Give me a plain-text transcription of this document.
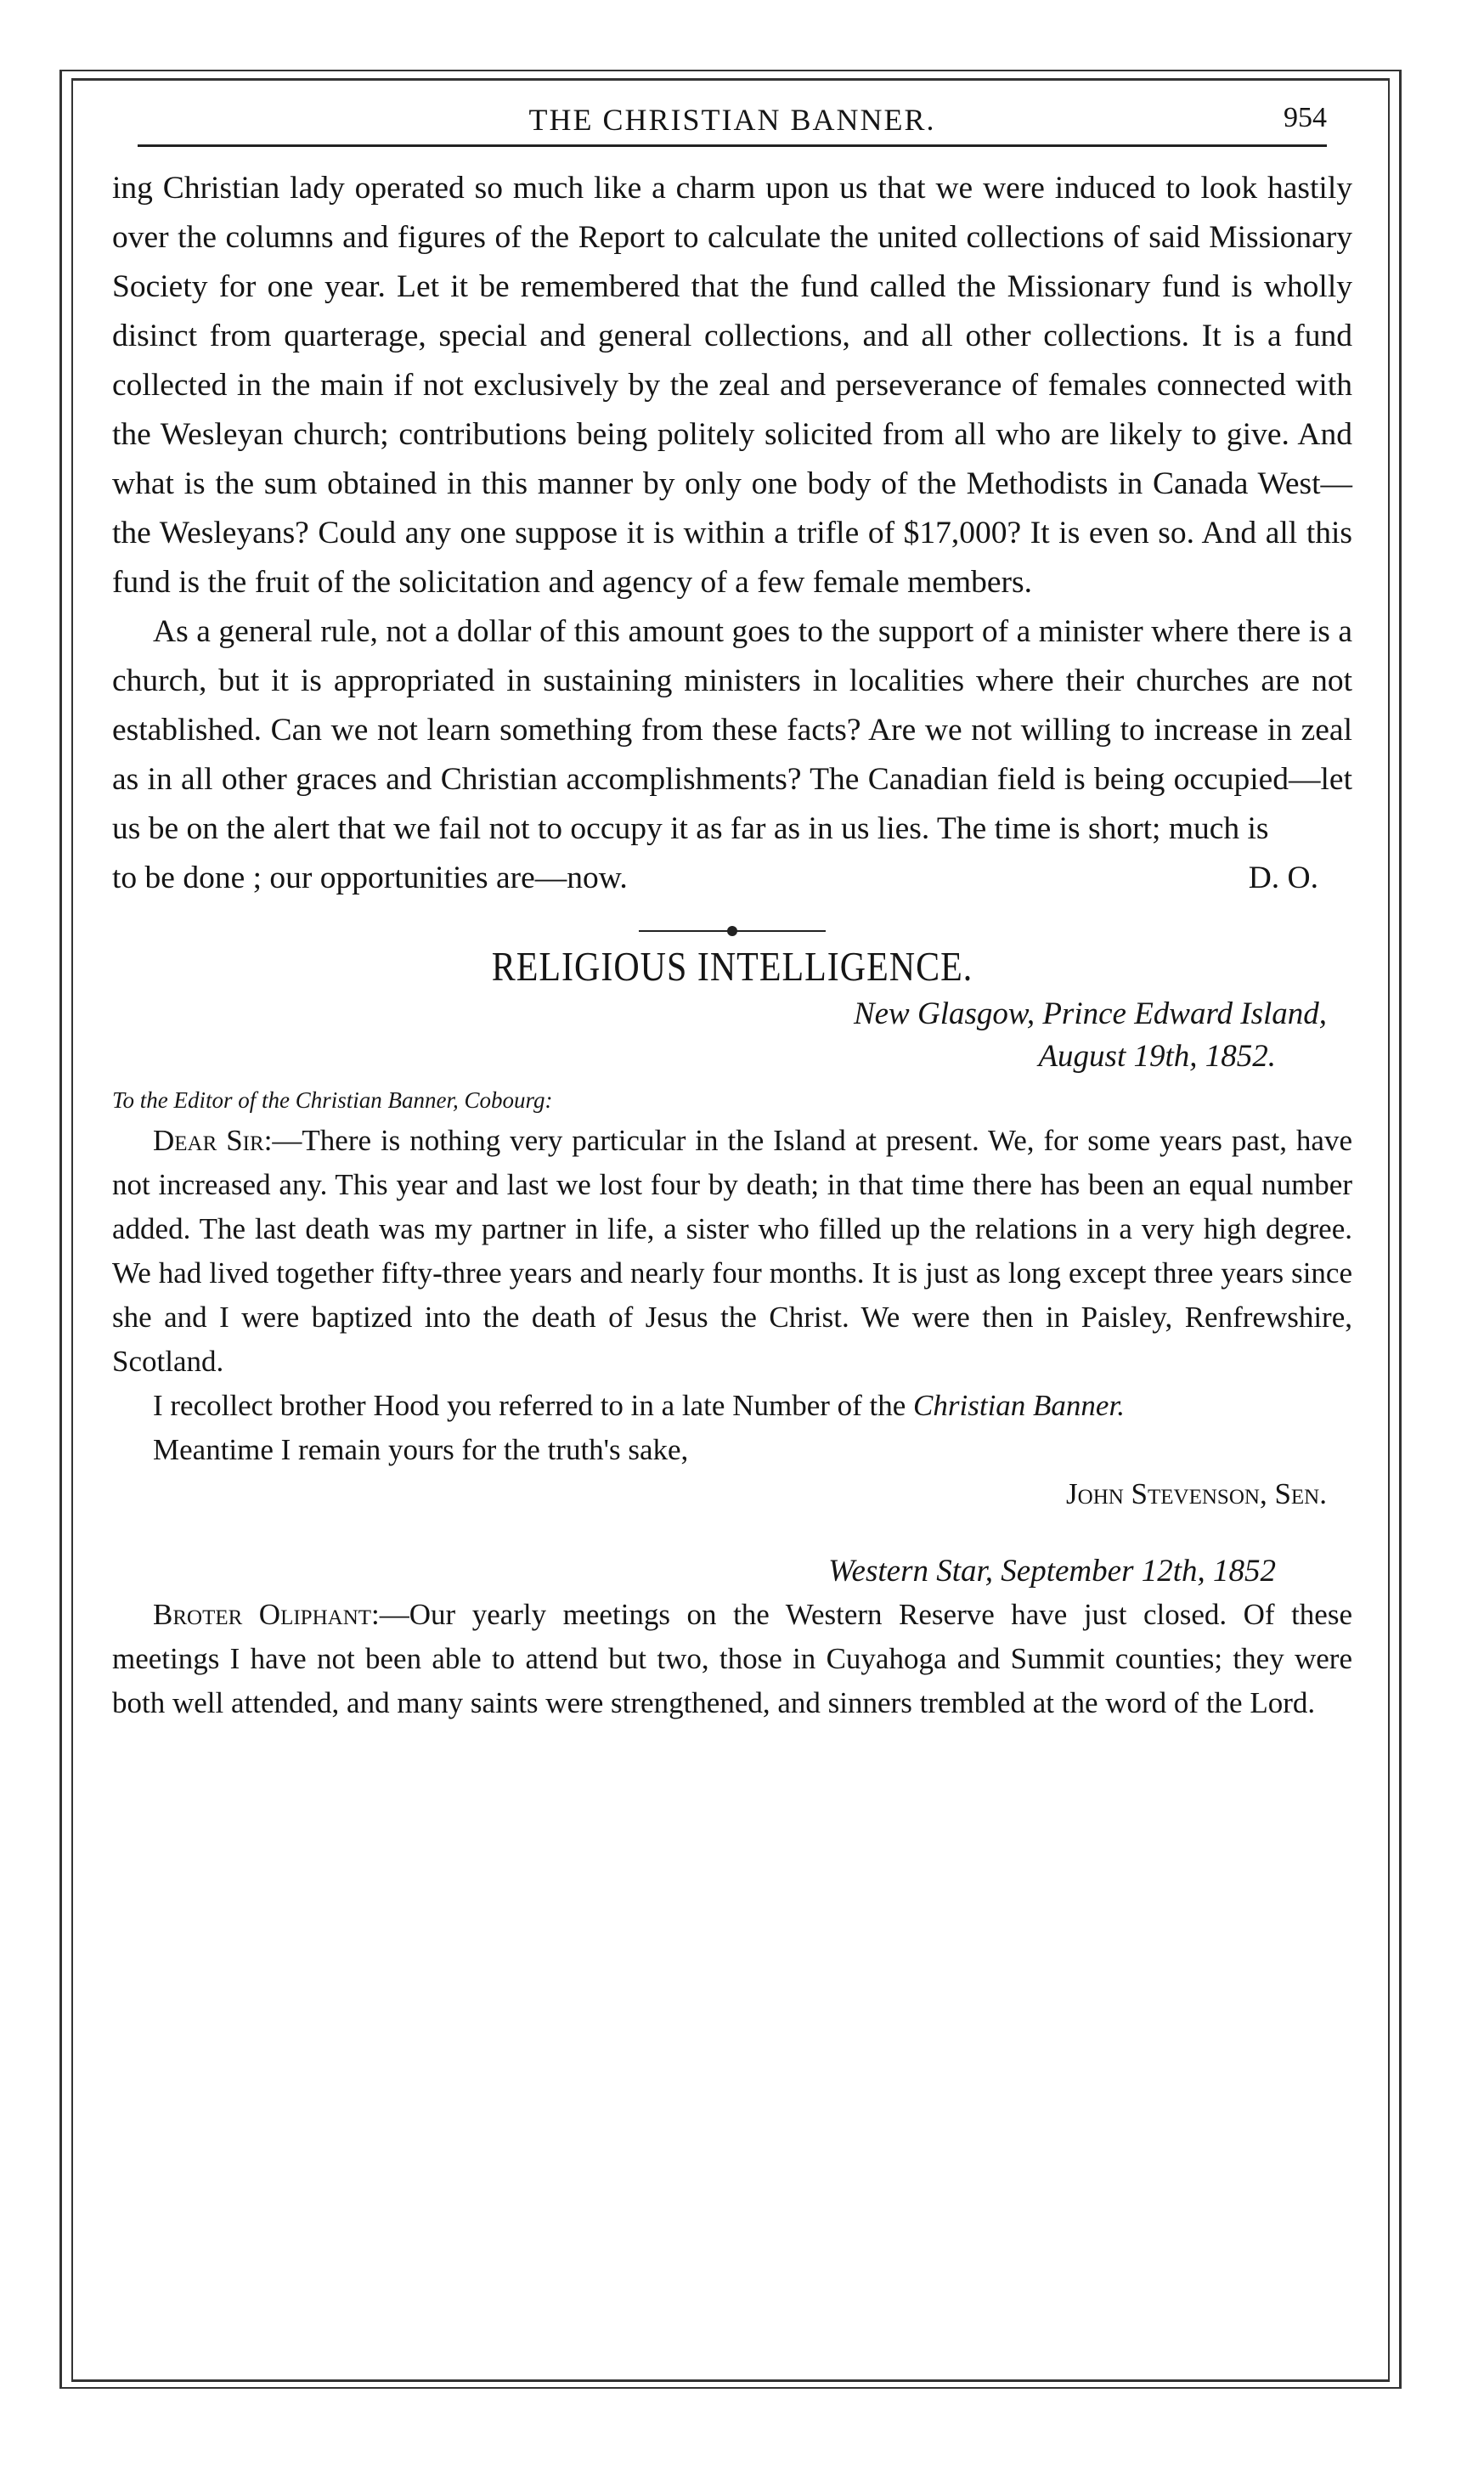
THE CHRISTIAN BANNER.	954

ing Christian lady operated so much like a charm upon us that we were induced to look hastily over the columns and figures of the Report to calculate the united collections of said Missionary Society for one year. Let it be remembered that the fund called the Missionary fund is wholly disinct from quarterage, special and general collections, and all other collections. It is a fund collected in the main if not exclusively by the zeal and perseverance of females connected with the Wesleyan church; contributions being politely solicited from all who are likely to give. And what is the sum obtained in this manner by only one body of the Methodists in Canada West—the Wesleyans? Could any one suppose it is within a trifle of $17,000? It is even so. And all this fund is the fruit of the solicitation and agency of a few female members.

As a general rule, not a dollar of this amount goes to the support of a minister where there is a church, but it is appropriated in sustaining ministers in localities where their churches are not established. Can we not learn something from these facts? Are we not willing to increase in zeal as in all other graces and Christian accomplishments? The Canadian field is being occupied—let us be on the alert that we fail not to occupy it as far as in us lies. The time is short; much is

to be done ; our opportunities are—now.	D. O.
RELIGIOUS INTELLIGENCE.
New Glasgow, Prince Edward Island,
August 19th, 1852.
To the Editor of the Christian Banner, Cobourg:

Dear Sir:—There is nothing very particular in the Island at present. We, for some years past, have not increased any. This year and last we lost four by death; in that time there has been an equal number added. The last death was my partner in life, a sister who filled up the relations in a very high degree. We had lived together fifty-three years and nearly four months. It is just as long except three years since she and I were baptized into the death of Jesus the Christ. We were then in Paisley, Renfrewshire, Scotland.

I recollect brother Hood you referred to in a late Number of the Christian Banner.

Meantime I remain yours for the truth's sake,

John Stevenson, Sen.
Western Star, September 12th, 1852

Broter Oliphant:—Our yearly meetings on the Western Reserve have just closed. Of these meetings I have not been able to attend but two, those in Cuyahoga and Summit counties; they were both well attended, and many saints were strengthened, and sinners trembled at the word of the Lord.
